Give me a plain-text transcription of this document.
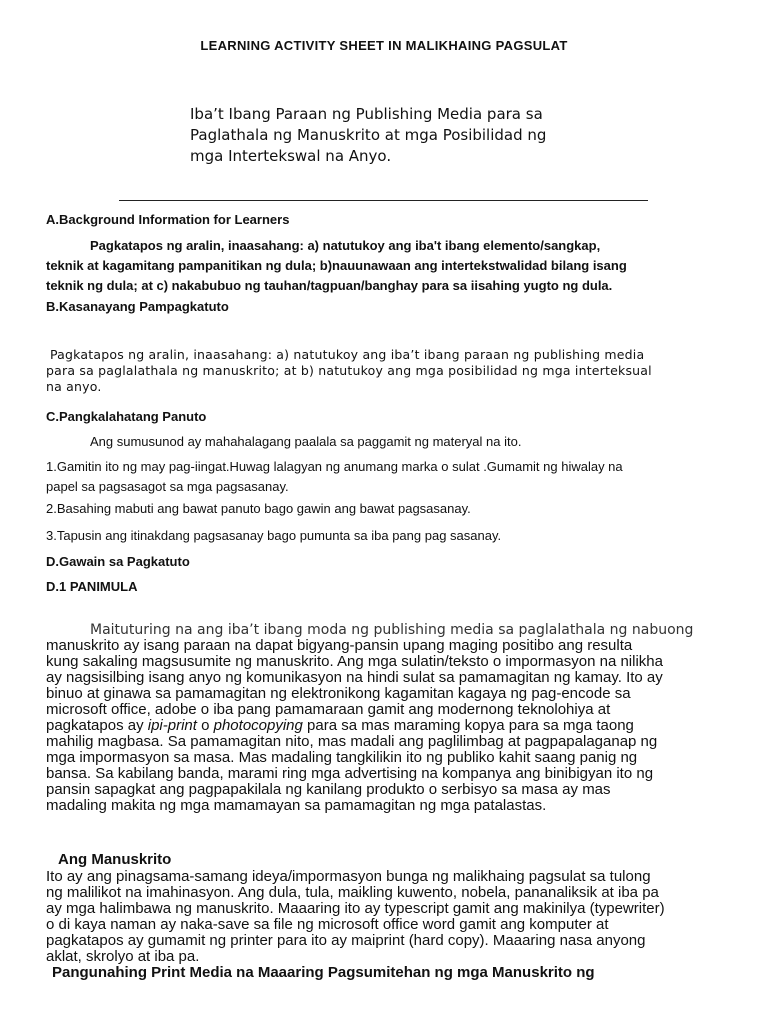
LEARNING ACTIVITY SHEET IN MALIKHAING PAGSULAT
Iba’t Ibang Paraan ng Publishing Media para sa
Paglathala ng Manuskrito at mga Posibilidad ng
mga Intertekswal na Anyo.
A.Background Information for Learners
Pagkatapos ng aralin, inaasahang: a) natutukoy ang iba't ibang elemento/sangkap,
teknik at kagamitang pampanitikan ng dula; b)nauunawaan ang intertekstwalidad bilang isang
teknik ng dula; at c) nakabubuo ng tauhan/tagpuan/banghay para sa iisahing yugto ng dula.
B.Kasanayang Pampagkatuto
Pagkatapos ng aralin, inaasahang: a) natutukoy ang iba’t ibang paraan ng publishing media
para sa paglalathala ng manuskrito; at b) natutukoy ang mga posibilidad ng mga interteksual
na anyo.
C.Pangkalahatang Panuto
Ang sumusunod ay mahahalagang paalala sa paggamit ng materyal na ito.
1.Gamitin ito ng may pag-iingat.Huwag lalagyan ng anumang marka o sulat .Gumamit ng hiwalay na
papel sa pagsasagot sa mga pagsasanay.
2.Basahing mabuti ang bawat panuto bago gawin ang bawat pagsasanay.
3.Tapusin ang itinakdang pagsasanay bago pumunta sa iba pang pag sasanay.
D.Gawain sa Pagkatuto
D.1 PANIMULA
Maituturing na ang iba’t ibang moda ng publishing media sa paglalathala ng nabuong
manuskrito ay isang paraan na dapat bigyang-pansin upang maging positibo ang resulta
kung sakaling magsusumite ng manuskrito. Ang mga sulatin/teksto o impormasyon na nilikha
ay nagsisilbing isang anyo ng komunikasyon na hindi sulat sa pamamagitan ng kamay. Ito ay
binuo at ginawa sa pamamagitan ng elektronikong kagamitan kagaya ng pag-encode sa
microsoft office, adobe o iba pang pamamaraan gamit ang modernong teknolohiya at
pagkatapos ay ipi-print o photocopying para sa mas maraming kopya para sa mga taong
mahilig magbasa. Sa pamamagitan nito, mas madali ang paglilimbag at pagpapalaganap ng
mga impormasyon sa masa. Mas madaling tangkilikin ito ng publiko kahit saang panig ng
bansa. Sa kabilang banda, marami ring mga advertising na kompanya ang binibigyan ito ng
pansin sapagkat ang pagpapakilala ng kanilang produkto o serbisyo sa masa ay mas
madaling makita ng mga mamamayan sa pamamagitan ng mga patalastas.
Ang Manuskrito
Ito ay ang pinagsama-samang ideya/impormasyon bunga ng malikhaing pagsulat sa tulong
ng malilikot na imahinasyon. Ang dula, tula, maikling kuwento, nobela, pananaliksik at iba pa
ay mga halimbawa ng manuskrito. Maaaring ito ay typescript gamit ang makinilya (typewriter)
o di kaya naman ay naka-save sa file ng microsoft office word gamit ang komputer at
pagkatapos ay gumamit ng printer para ito ay maiprint (hard copy). Maaaring nasa anyong
aklat, skrolyo at iba pa.
Pangunahing Print Media na Maaaring Pagsumitehan ng mga Manuskrito ng
